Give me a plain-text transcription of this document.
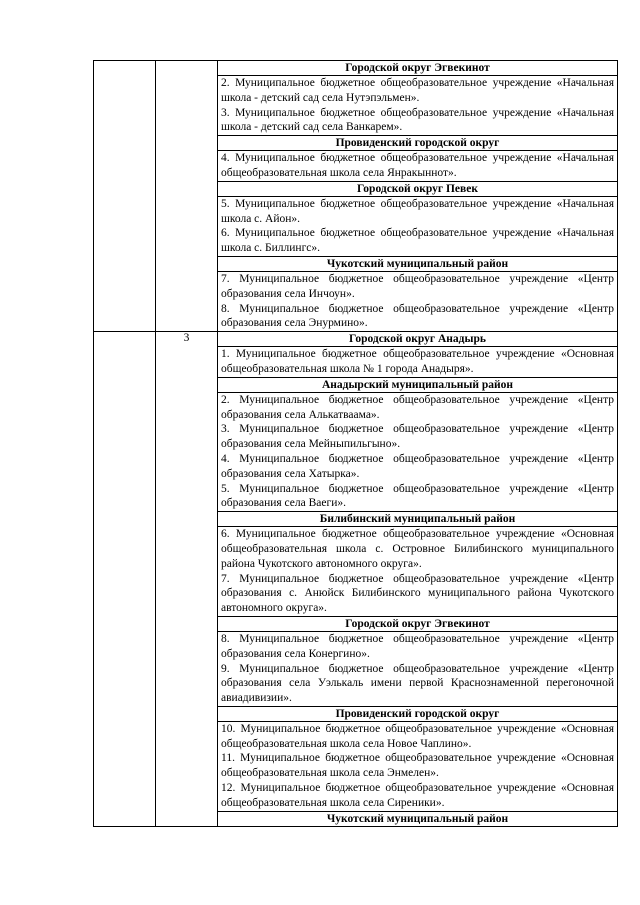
		Городской округ Эгвекинот

		2. Муниципальное бюджетное общеобразовательное учреждение «Начальная школа - детский сад села Нутэпэльмен».
3. Муниципальное бюджетное общеобразовательное учреждение «Начальная школа - детский сад села Ванкарем».

		Провиденский городской округ

		4. Муниципальное бюджетное общеобразовательное учреждение «Начальная общеобразовательная школа села Янракыннот».

		Городской округ Певек

		5. Муниципальное бюджетное общеобразовательное учреждение «Начальная школа с. Айон».
6. Муниципальное бюджетное общеобразовательное учреждение «Начальная школа с. Биллингс».

		Чукотский муниципальный район

		7. Муниципальное бюджетное общеобразовательное учреждение «Центр образования села Инчоун».
8. Муниципальное бюджетное общеобразовательное учреждение «Центр образования села Энурмино».

	3	Городской округ Анадырь

		1. Муниципальное бюджетное общеобразовательное учреждение «Основная общеобразовательная школа № 1 города Анадыря».

		Анадырский муниципальный район

		2. Муниципальное бюджетное общеобразовательное учреждение «Центр образования села Алькатваама».
3. Муниципальное бюджетное общеобразовательное учреждение «Центр образования села Мейныпильгыно».
4. Муниципальное бюджетное общеобразовательное учреждение «Центр образования села Хатырка».
5. Муниципальное бюджетное общеобразовательное учреждение «Центр образования села Ваеги».

		Билибинский муниципальный район

		6. Муниципальное бюджетное общеобразовательное учреждение «Основная общеобразовательная школа с. Островное Билибинского муниципального района Чукотского автономного округа».
7. Муниципальное бюджетное общеобразовательное учреждение «Центр образования с. Анюйск Билибинского муниципального района Чукотского автономного округа».

		Городской округ Эгвекинот

		8. Муниципальное бюджетное общеобразовательное учреждение «Центр образования села Конергино».
9. Муниципальное бюджетное общеобразовательное учреждение «Центр образования села Уэлькаль имени первой Краснознаменной перегоночной авиадивизии».

		Провиденский городской округ

		10. Муниципальное бюджетное общеобразовательное учреждение «Основная общеобразовательная школа села Новое Чаплино».
11. Муниципальное бюджетное общеобразовательное учреждение «Основная общеобразовательная школа села Энмелен».
12. Муниципальное бюджетное общеобразовательное учреждение «Основная общеобразовательная школа села Сиреники».

		Чукотский муниципальный район
